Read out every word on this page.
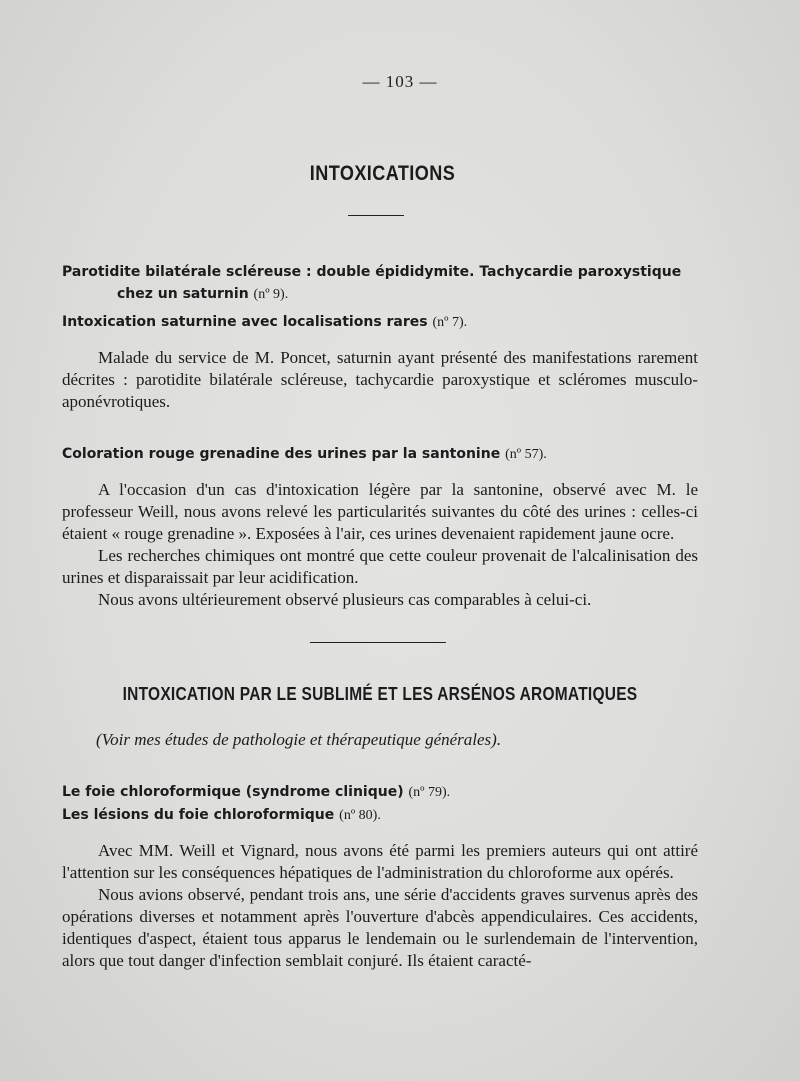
— 103 —
INTOXICATIONS
Parotidite bilatérale scléreuse : double épididymite. Tachycardie paroxystique
chez un saturnin (nº 9).
Intoxication saturnine avec localisations rares (nº 7).

Malade du service de M. Poncet, saturnin ayant présenté des manifestations rarement décrites : parotidite bilatérale scléreuse, tachycardie paroxystique et scléromes musculo-aponévrotiques.

Coloration rouge grenadine des urines par la santonine (nº 57).

A l'occasion d'un cas d'intoxication légère par la santonine, observé avec M. le professeur Weill, nous avons relevé les particularités suivantes du côté des urines : celles-ci étaient « rouge grenadine ». Exposées à l'air, ces urines devenaient rapidement jaune ocre.

Les recherches chimiques ont montré que cette couleur provenait de l'alcalinisation des urines et disparaissait par leur acidification.

Nous avons ultérieurement observé plusieurs cas comparables à celui-ci.

INTOXICATION PAR LE SUBLIMÉ ET LES ARSÉNOS AROMATIQUES
(Voir mes études de pathologie et thérapeutique générales).
Le foie chloroformique (syndrome clinique) (nº 79).
Les lésions du foie chloroformique (nº 80).

Avec MM. Weill et Vignard, nous avons été parmi les premiers auteurs qui ont attiré l'attention sur les conséquences hépatiques de l'administration du chloroforme aux opérés.

Nous avions observé, pendant trois ans, une série d'accidents graves survenus après des opérations diverses et notamment après l'ouverture d'abcès appendiculaires. Ces accidents, identiques d'aspect, étaient tous apparus le lendemain ou le surlendemain de l'intervention, alors que tout danger d'infection semblait conjuré. Ils étaient caracté-
